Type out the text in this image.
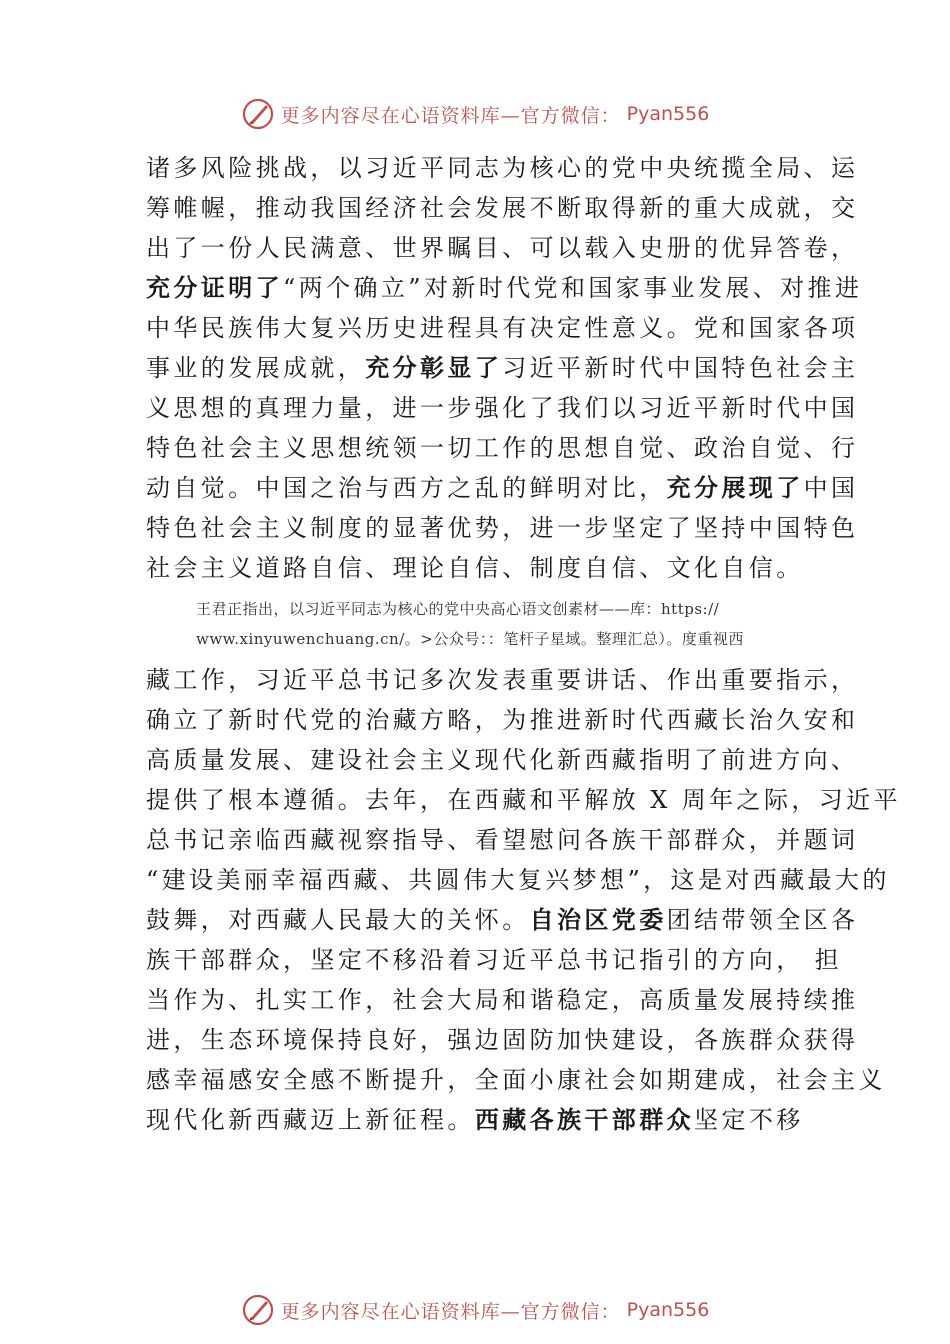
更多内容尽在心语资料库—官方微信： Pyan556
诸多风险挑战，以习近平同志为核心的党中央统揽全局、运
筹帷幄，推动我国经济社会发展不断取得新的重大成就，交
出了一份人民满意、世界瞩目、可以载入史册的优异答卷，
充分证明了“两个确立”对新时代党和国家事业发展、对推进
中华民族伟大复兴历史进程具有决定性意义。党和国家各项
事业的发展成就，充分彰显了习近平新时代中国特色社会主
义思想的真理力量，进一步强化了我们以习近平新时代中国
特色社会主义思想统领一切工作的思想自觉、政治自觉、行
动自觉。中国之治与西方之乱的鲜明对比，充分展现了中国
特色社会主义制度的显著优势，进一步坚定了坚持中国特色
社会主义道路自信、理论自信、制度自信、文化自信。
王君正指出，以习近平同志为核心的党中央高心语文创素材——库：https://
www.xinyuwenchuang.cn/。>公众号：：笔杆子星域。整理汇总）。度重视西
藏工作，习近平总书记多次发表重要讲话、作出重要指示，
确立了新时代党的治藏方略，为推进新时代西藏长治久安和
高质量发展、建设社会主义现代化新西藏指明了前进方向、
提供了根本遵循。去年，在西藏和平解放 X 周年之际，习近平
总书记亲临西藏视察指导、看望慰问各族干部群众，并题词
“建设美丽幸福西藏、共圆伟大复兴梦想”，这是对西藏最大的
鼓舞，对西藏人民最大的关怀。自治区党委团结带领全区各
族干部群众，坚定不移沿着习近平总书记指引的方向， 担
当作为、扎实工作，社会大局和谐稳定，高质量发展持续推
进，生态环境保持良好，强边固防加快建设，各族群众获得
感幸福感安全感不断提升，全面小康社会如期建成，社会主义
现代化新西藏迈上新征程。西藏各族干部群众坚定不移
更多内容尽在心语资料库—官方微信： Pyan556
